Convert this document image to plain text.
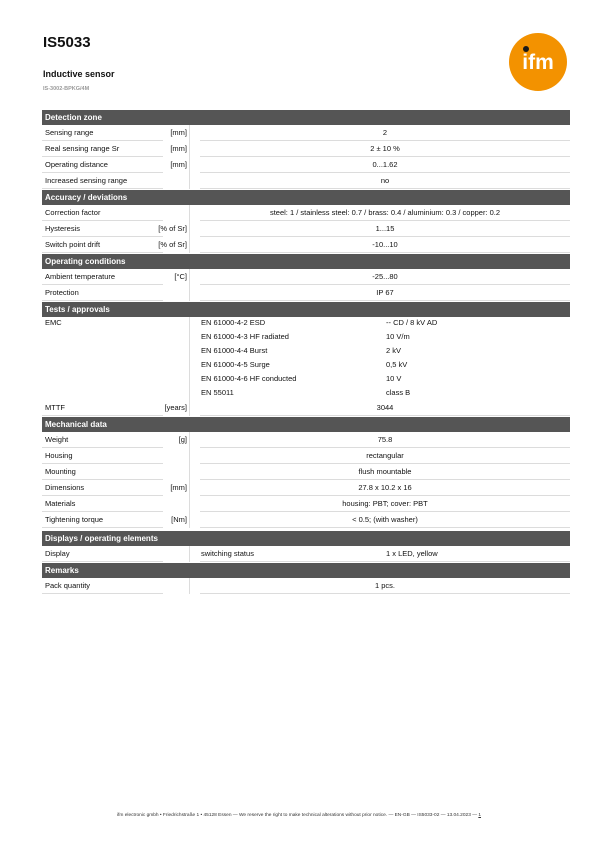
IS5033
Inductive sensor
IS-3002-BPKG/4M
ifm
Detection zone
Sensing range	[mm]	2
Real sensing range Sr	[mm]	2 ± 10 %
Operating distance	[mm]	0...1.62
Increased sensing range	no
Accuracy / deviations
Correction factor	steel: 1 / stainless steel: 0.7 / brass: 0.4 / aluminium: 0.3 / copper: 0.2
Hysteresis	[% of Sr]	1...15
Switch point drift	[% of Sr]	-10...10
Operating conditions
Ambient temperature	[°C]	-25...80
Protection	IP 67
Tests / approvals
EMC	EN 61000-4-2 ESD	-- CD / 8 kV AD
EN 61000-4-3 HF radiated	10 V/m
EN 61000-4-4 Burst	2 kV
EN 61000-4-5 Surge	0,5 kV
EN 61000-4-6 HF conducted	10 V
EN 55011	class B
MTTF	[years]	3044
Mechanical data
Weight	[g]	75.8
Housing	rectangular
Mounting	flush mountable
Dimensions	[mm]	27.8 x 10.2 x 16
Materials	housing: PBT; cover: PBT
Tightening torque	[Nm]	< 0.5; (with washer)
Displays / operating elements
Display	switching status	1 x LED, yellow
Remarks
Pack quantity	1 pcs.
ifm electronic gmbh • Friedrichstraße 1 • 45128 Essen — We reserve the right to make technical alterations without prior notice. — EN-GB — IS5033-02 — 13.04.2023 — 1
